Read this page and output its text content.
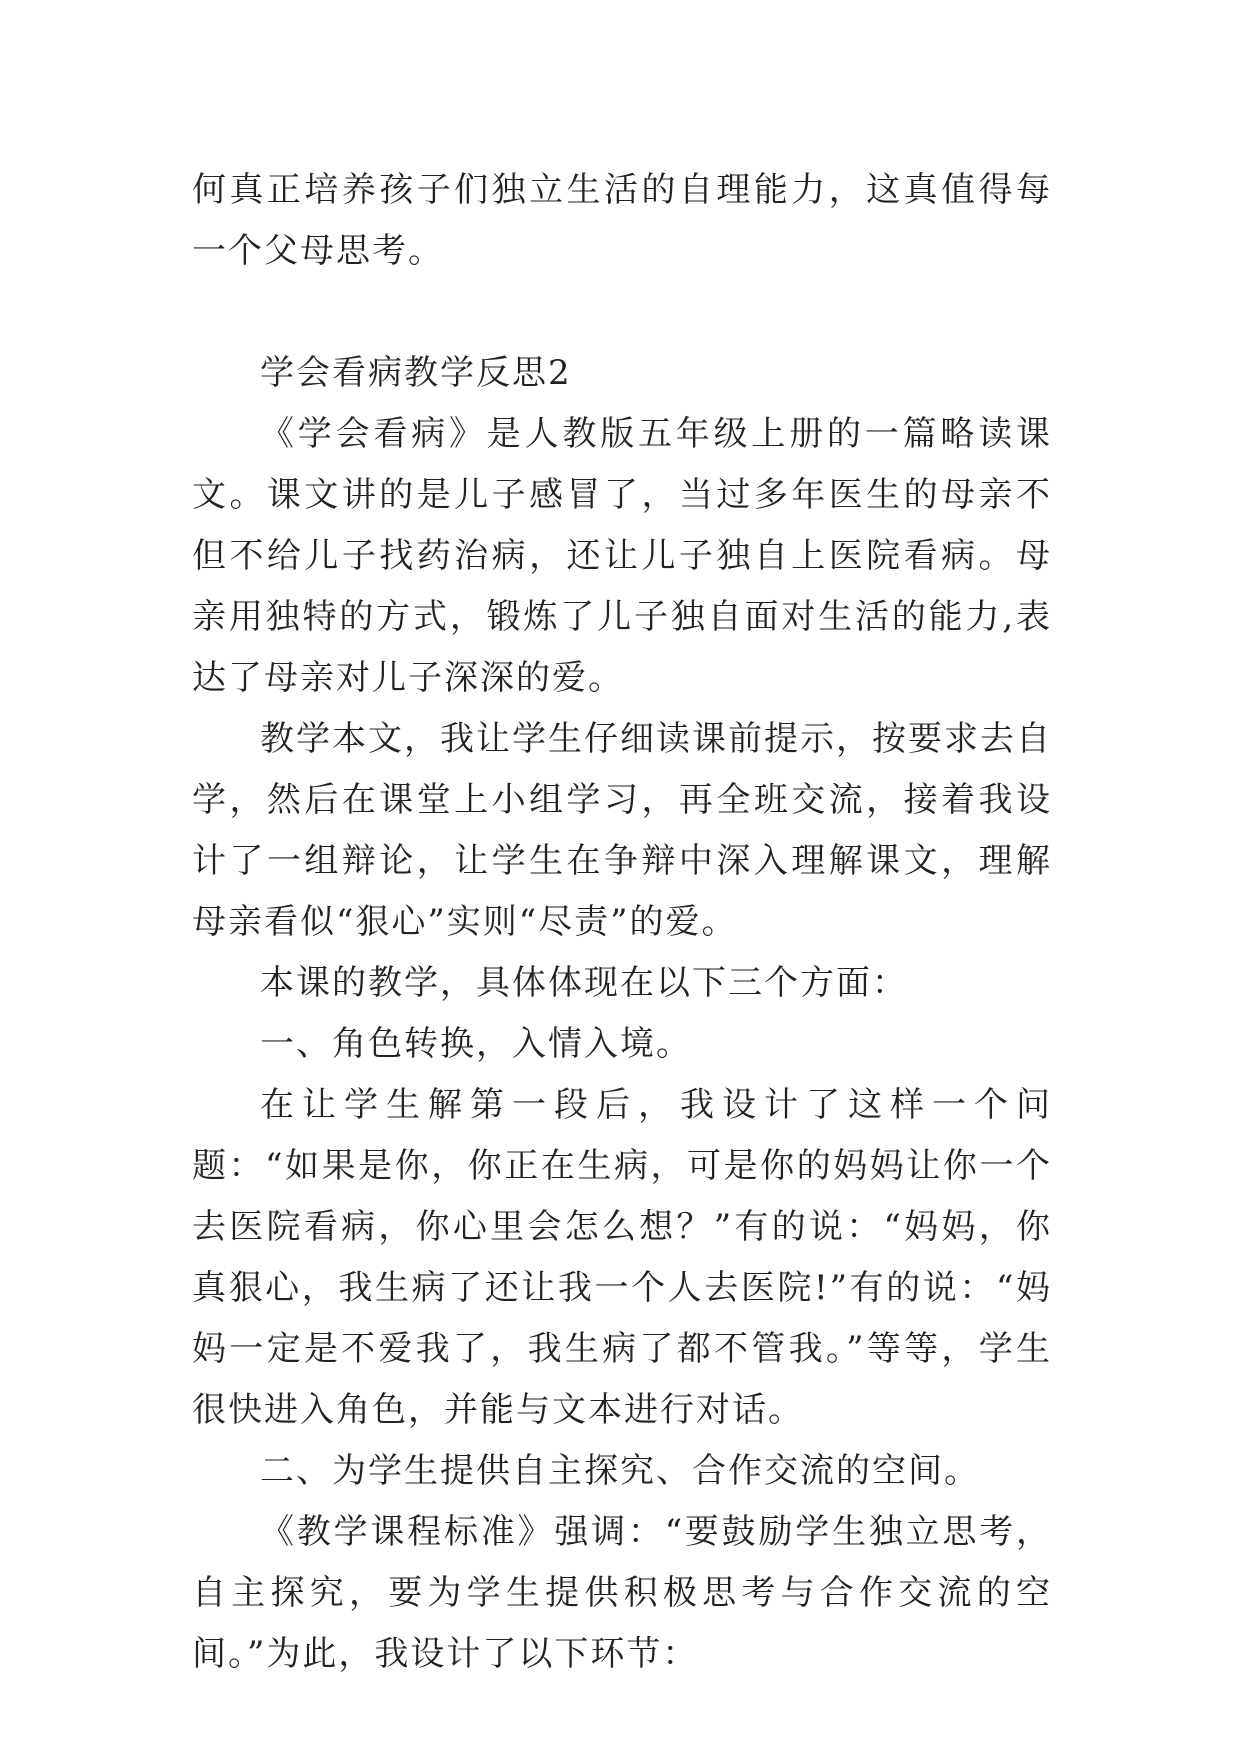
何真正培养孩子们独立生活的自理能力，这真值得每一个父母思考。

学会看病教学反思2

《学会看病》是人教版五年级上册的一篇略读课文。课文讲的是儿子感冒了，当过多年医生的母亲不但不给儿子找药治病，还让儿子独自上医院看病。母亲用独特的方式，锻炼了儿子独自面对生活的能力,表达了母亲对儿子深深的爱。

教学本文，我让学生仔细读课前提示，按要求去自学，然后在课堂上小组学习，再全班交流，接着我设计了一组辩论，让学生在争辩中深入理解课文，理解母亲看似“狠心”实则“尽责”的爱。

本课的教学，具体体现在以下三个方面：

一、角色转换，入情入境。

在让学生解第一段后，我设计了这样一个问题：“如果是你，你正在生病，可是你的妈妈让你一个去医院看病，你心里会怎么想？”有的说：“妈妈，你真狠心，我生病了还让我一个人去医院!”有的说：“妈妈一定是不爱我了，我生病了都不管我。”等等，学生很快进入角色，并能与文本进行对话。

二、为学生提供自主探究、合作交流的空间。

《教学课程标准》强调：“要鼓励学生独立思考，自主探究，要为学生提供积极思考与合作交流的空间。”为此，我设计了以下环节：
